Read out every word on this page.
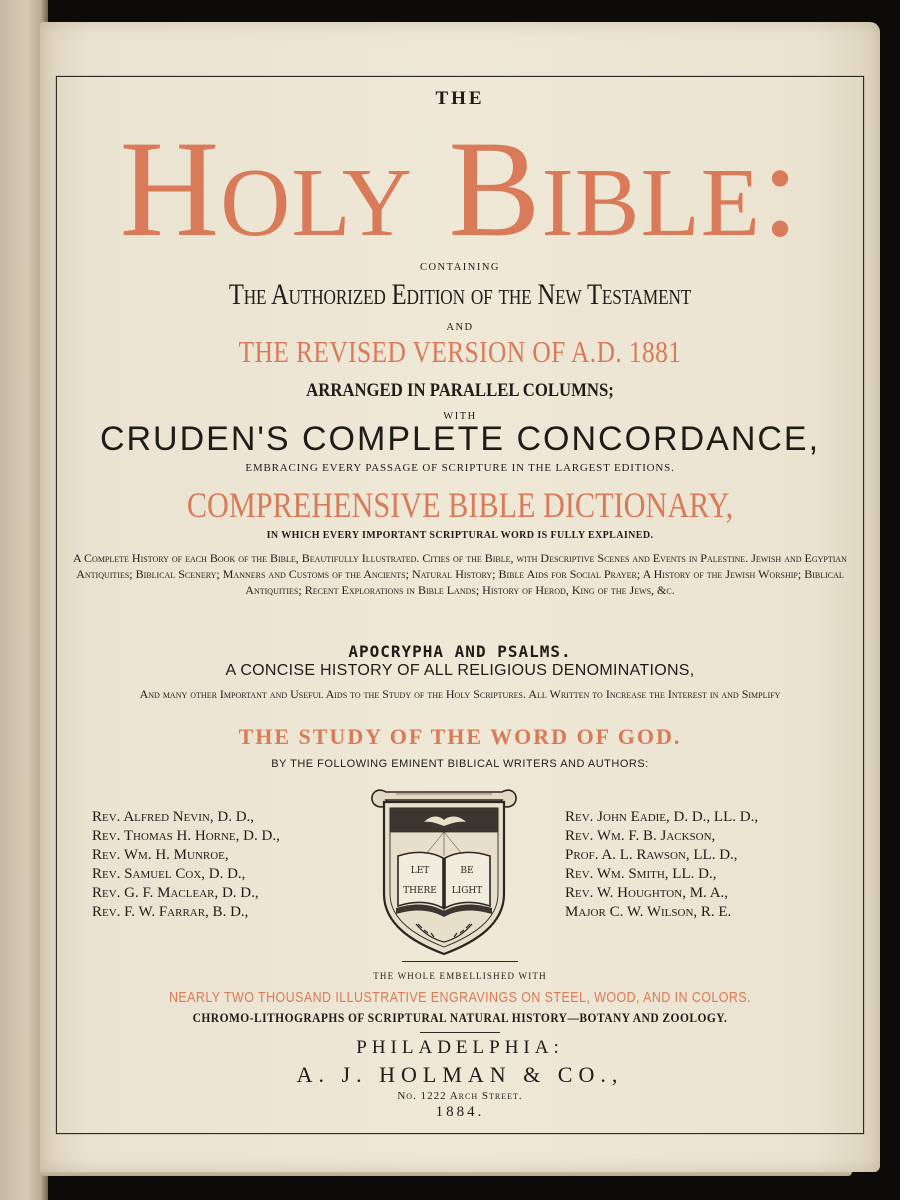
THE
Holy Bible:
CONTAINING
The Authorized Edition of the New Testament
AND
THE REVISED VERSION OF A.D. 1881
ARRANGED IN PARALLEL COLUMNS;
WITH
CRUDEN'S COMPLETE CONCORDANCE,
EMBRACING EVERY PASSAGE OF SCRIPTURE IN THE LARGEST EDITIONS.
COMPREHENSIVE BIBLE DICTIONARY,
IN WHICH EVERY IMPORTANT SCRIPTURAL WORD IS FULLY EXPLAINED.
A Complete History of each Book of the Bible, Beautifully Illustrated. Cities of the Bible, with Descriptive Scenes and Events in Palestine. Jewish and Egyptian Antiquities; Biblical Scenery; Manners and Customs of the Ancients; Natural History; Bible Aids for Social Prayer; A History of the Jewish Worship; Biblical Antiquities; Recent Explorations in Bible Lands; History of Herod, King of the Jews, &c.
APOCRYPHA AND PSALMS.
A CONCISE HISTORY OF ALL RELIGIOUS DENOMINATIONS,
And many other Important and Useful Aids to the Study of the Holy Scriptures. All Written to Increase the Interest in and Simplify
THE STUDY OF THE WORD OF GOD.
BY THE FOLLOWING EMINENT BIBLICAL WRITERS AND AUTHORS:
Rev. Alfred Nevin, D. D.,
Rev. Thomas H. Horne, D. D.,
Rev. Wm. H. Munroe,
Rev. Samuel Cox, D. D.,
Rev. G. F. Maclear, D. D.,
Rev. F. W. Farrar, B. D.,
LET	BE
THERE LIGHT
Rev. John Eadie, D. D., LL. D.,
Rev. Wm. F. B. Jackson,
Prof. A. L. Rawson, LL. D.,
Rev. Wm. Smith, LL. D.,
Rev. W. Houghton, M. A.,
Major C. W. Wilson, R. E.
THE WHOLE EMBELLISHED WITH
NEARLY TWO THOUSAND ILLUSTRATIVE ENGRAVINGS ON STEEL, WOOD, AND IN COLORS.
CHROMO-LITHOGRAPHS OF SCRIPTURAL NATURAL HISTORY—BOTANY AND ZOOLOGY.
PHILADELPHIA:
A. J. HOLMAN & CO.,
No. 1222 Arch Street.
1884.
